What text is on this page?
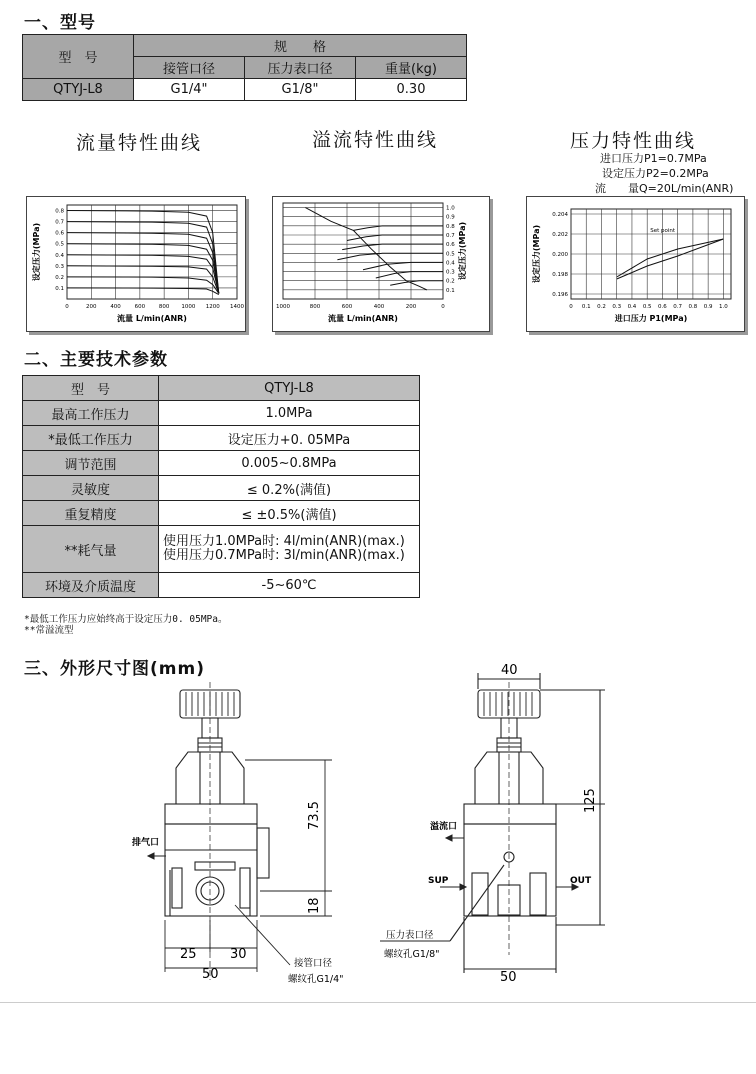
一、型号
型　号	规　　格		
	接管口径	压力表口径	重量(kg)
QTYJ-L8	G1/4"	G1/8"	0.30
流量特性曲线	溢流特性曲线	压力特性曲线
进口压力P1=0.7MPa
设定压力P2=0.2MPa
流　　量Q=20L/min(ANR)
0	200	400	600	800 1000 1200 1400
0.8
0.7
0.6
0.5
0.4
0.3
0.2
0.1
流量 L/min(ANR)
设定压力(MPa)
1000	800	600	400	200	0
1.0
0.9
0.8
0.7
0.6
0.5
0.4
0.3
0.2
0.1
流量 L/min(ANR)
设定压力(MPa)
0 0.1 0.2 0.3 0.4 0.5 0.6 0.7 0.8 0.9 1.0
0.204
0.202
0.200
0.198
0.196
进口压力 P1(MPa)
设定压力(MPa)	Set point
二、主要技术参数
型　号	QTYJ-L8
最高工作压力	1.0MPa
*最低工作压力	设定压力+0. 05MPa
调节范围	0.005~0.8MPa
灵敏度	≤ 0.2%(满值)
重复精度	≤ ±0.5%(满值)
**耗气量	使用压力1.0MPa时: 4l/min(ANR)(max.)
使用压力0.7MPa时: 3l/min(ANR)(max.)

环境及介质温度	-5~60℃
*最低工作压力应始终高于设定压力0. 05MPa。
**常溢流型
三、外形尺寸图(mm)
排气口
73.5
18
25	30
50
接管口径
螺纹孔G1/4"
40
125
溢流口
SUP	OUT
压力表口径
螺纹孔G1/8"
50
